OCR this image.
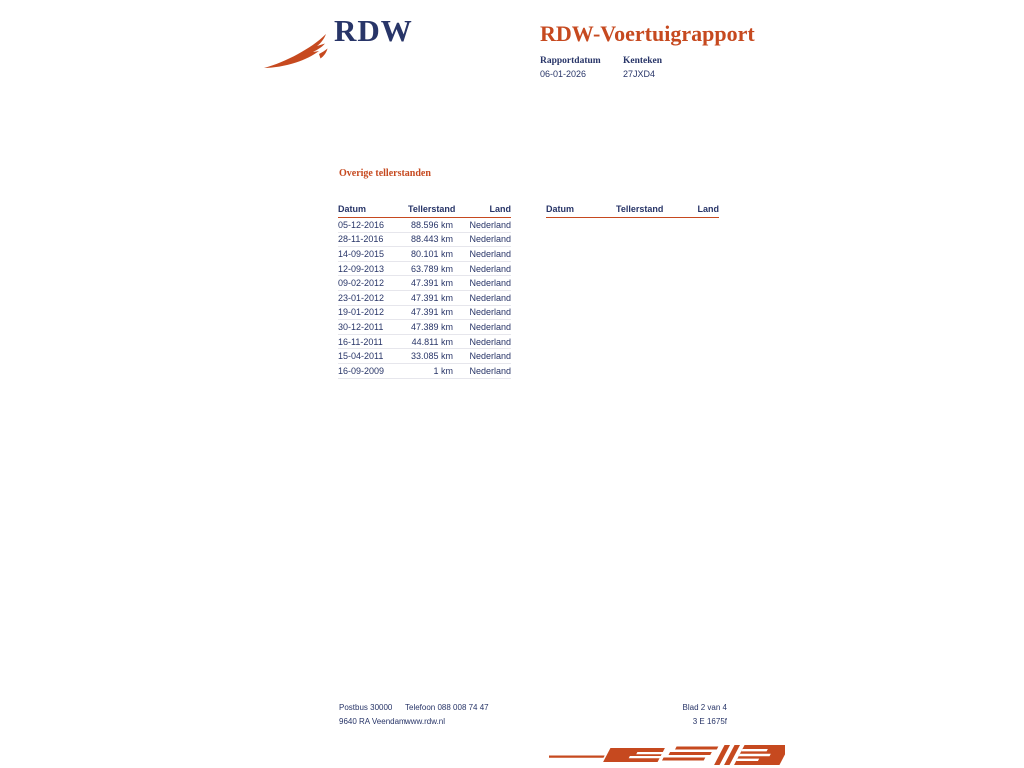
RDW	RDW-Voertuigrapport
Rapportdatum
06-01-2026
Kenteken
27JXD4
Overige tellerstanden
Datum	Tellerstand	Land
05-12-2016	88.596 km	Nederland
28-11-2016	88.443 km	Nederland
14-09-2015	80.101 km	Nederland
12-09-2013	63.789 km	Nederland
09-02-2012	47.391 km	Nederland
23-01-2012	47.391 km	Nederland
19-01-2012	47.391 km	Nederland
30-12-2011	47.389 km	Nederland
16-11-2011	44.811 km	Nederland
15-04-2011	33.085 km	Nederland
16-09-2009	1 km	Nederland
Datum	Tellerstand	Land
Postbus 30000
9640 RA Veendam
Telefoon 088 008 74 47
www.rdw.nl
Blad 2 van 4
3 E 1675f
